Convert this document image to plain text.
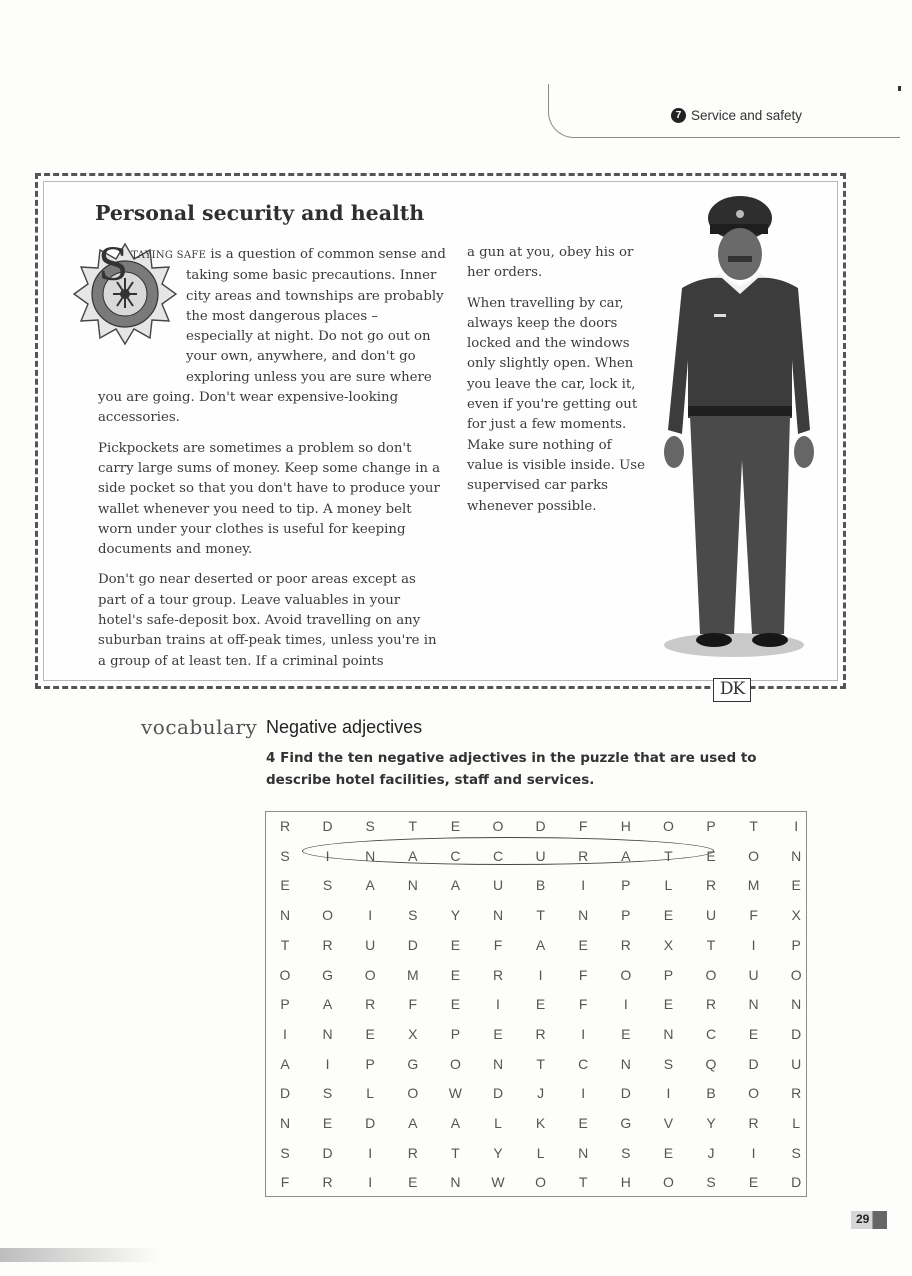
7 Service and safety
Personal security and health

S TAYING SAFE is a question of common sense and taking some basic precautions. Inner city areas and townships are probably the most dangerous places – especially at night. Do not go out on your own, anywhere, and don't go exploring unless you are sure where you are going. Don't wear expensive-looking accessories.

Pickpockets are sometimes a problem so don't carry large sums of money. Keep some change in a side pocket so that you don't have to produce your wallet whenever you need to tip. A money belt worn under your clothes is useful for keeping documents and money.

Don't go near deserted or poor areas except as part of a tour group. Leave valuables in your hotel's safe-deposit box. Avoid travelling on any suburban trains at off-peak times, unless you're in a group of at least ten. If a criminal points

a gun at you, obey his or her orders.

When travelling by car, always keep the doors locked and the windows only slightly open. When you leave the car, lock it, even if you're getting out for just a few moments. Make sure nothing of value is visible inside. Use supervised car parks whenever possible.

DK
vocabulary Negative adjectives

4 Find the ten negative adjectives in the puzzle that are used to describe hotel facilities, staff and services.

R	D	S	T	E	O	D	F	H	O	P	T	I
S	I	N	A	C	C	U	R	A	T	E	O	N
E	S	A	N	A	U	B	I	P	L	R	M	E
N	O	I	S	Y	N	T	N	P	E	U	F	X
T	R	U	D	E	F	A	E	R	X	T	I	P
O	G	O	M	E	R	I	F	O	P	O	U	O
P	A	R	F	E	I	E	F	I	E	R	N	N
I	N	E	X	P	E	R	I	E	N	C	E	D
A	I	P	G	O	N	T	C	N	S	Q	D	U
D	S	L	O	W	D	J	I	D	I	B	O	R
N	E	D	A	A	L	K	E	G	V	Y	R	L
S	D	I	R	T	Y	L	N	S	E	J	I	S
F	R	I	E	N	W	O	T	H	O	S	E	D
29
